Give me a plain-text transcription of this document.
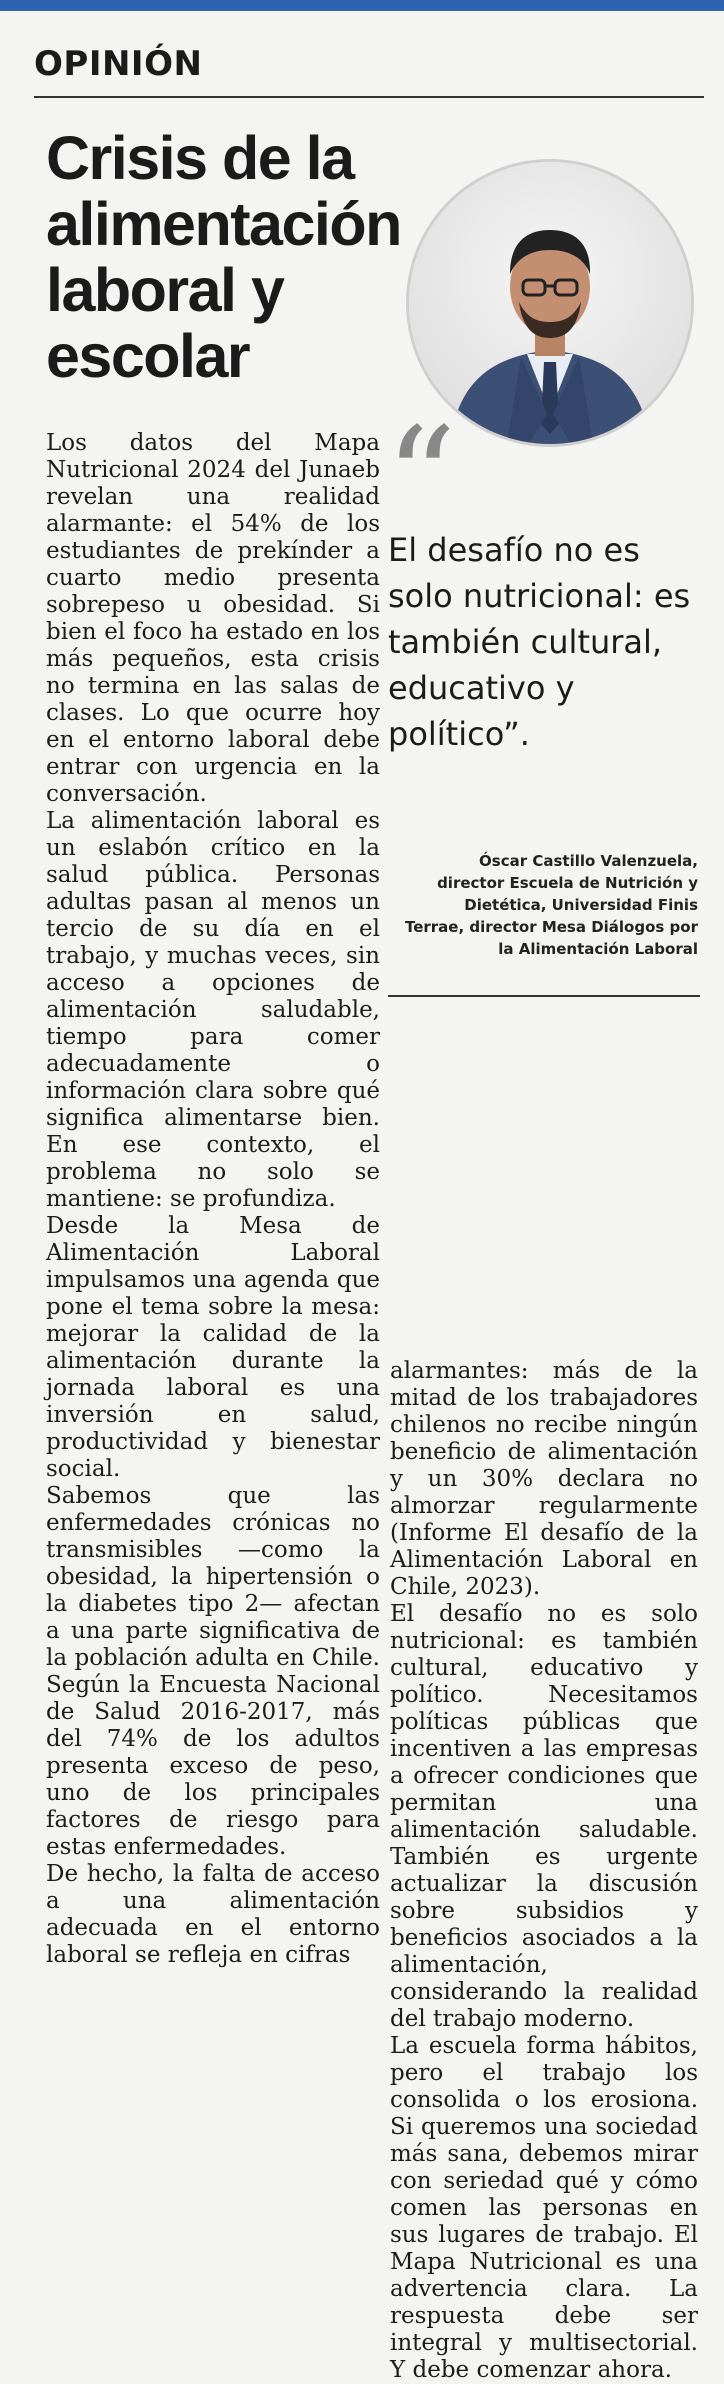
OPINIÓN
Crisis de la alimentación laboral y escolar

Los datos del Mapa Nutricional 2024 del Junaeb revelan una realidad alarmante: el 54% de los estudiantes de prekínder a cuarto medio presenta sobrepeso u obesidad. Si bien el foco ha estado en los más pequeños, esta crisis no termina en las salas de clases. Lo que ocurre hoy en el entorno laboral debe entrar con urgencia en la conversación.

La alimentación laboral es un eslabón crítico en la salud pública. Personas adultas pasan al menos un tercio de su día en el trabajo, y muchas veces, sin acceso a opciones de alimentación saludable, tiempo para comer adecuadamente o información clara sobre qué significa alimentarse bien. En ese contexto, el problema no solo se mantiene: se profundiza.

Desde la Mesa de Alimentación Laboral impulsamos una agenda que pone el tema sobre la mesa: mejorar la calidad de la alimentación durante la jornada laboral es una inversión en salud, productividad y bienestar social.

Sabemos que las enfermedades crónicas no transmisibles —como la obesidad, la hipertensión o la diabetes tipo 2— afectan a una parte significativa de la población adulta en Chile. Según la Encuesta Nacional de Salud 2016-2017, más del 74% de los adultos presenta exceso de peso, uno de los principales factores de riesgo para estas enfermedades.

De hecho, la falta de acceso a una alimentación adecuada en el entorno laboral se refleja en cifras

“

El desafío no es solo nutricional: es también cultural, educativo y político”.

Óscar Castillo Valenzuela,
director Escuela de Nutrición y Dietética, Universidad Finis Terrae, director Mesa Diálogos por la Alimentación Laboral

alarmantes: más de la mitad de los trabajadores chilenos no recibe ningún beneficio de alimentación y un 30% declara no almorzar regularmente (Informe El desafío de la Alimentación Laboral en Chile, 2023).

El desafío no es solo nutricional: es también cultural, educativo y político. Necesitamos políticas públicas que incentiven a las empresas a ofrecer condiciones que permitan una alimentación saludable. También es urgente actualizar la discusión sobre subsidios y beneficios asociados a la alimentación, considerando la realidad del trabajo moderno.

La escuela forma hábitos, pero el trabajo los consolida o los erosiona. Si queremos una sociedad más sana, debemos mirar con seriedad qué y cómo comen las personas en sus lugares de trabajo. El Mapa Nutricional es una advertencia clara. La respuesta debe ser integral y multisectorial. Y debe comenzar ahora.
